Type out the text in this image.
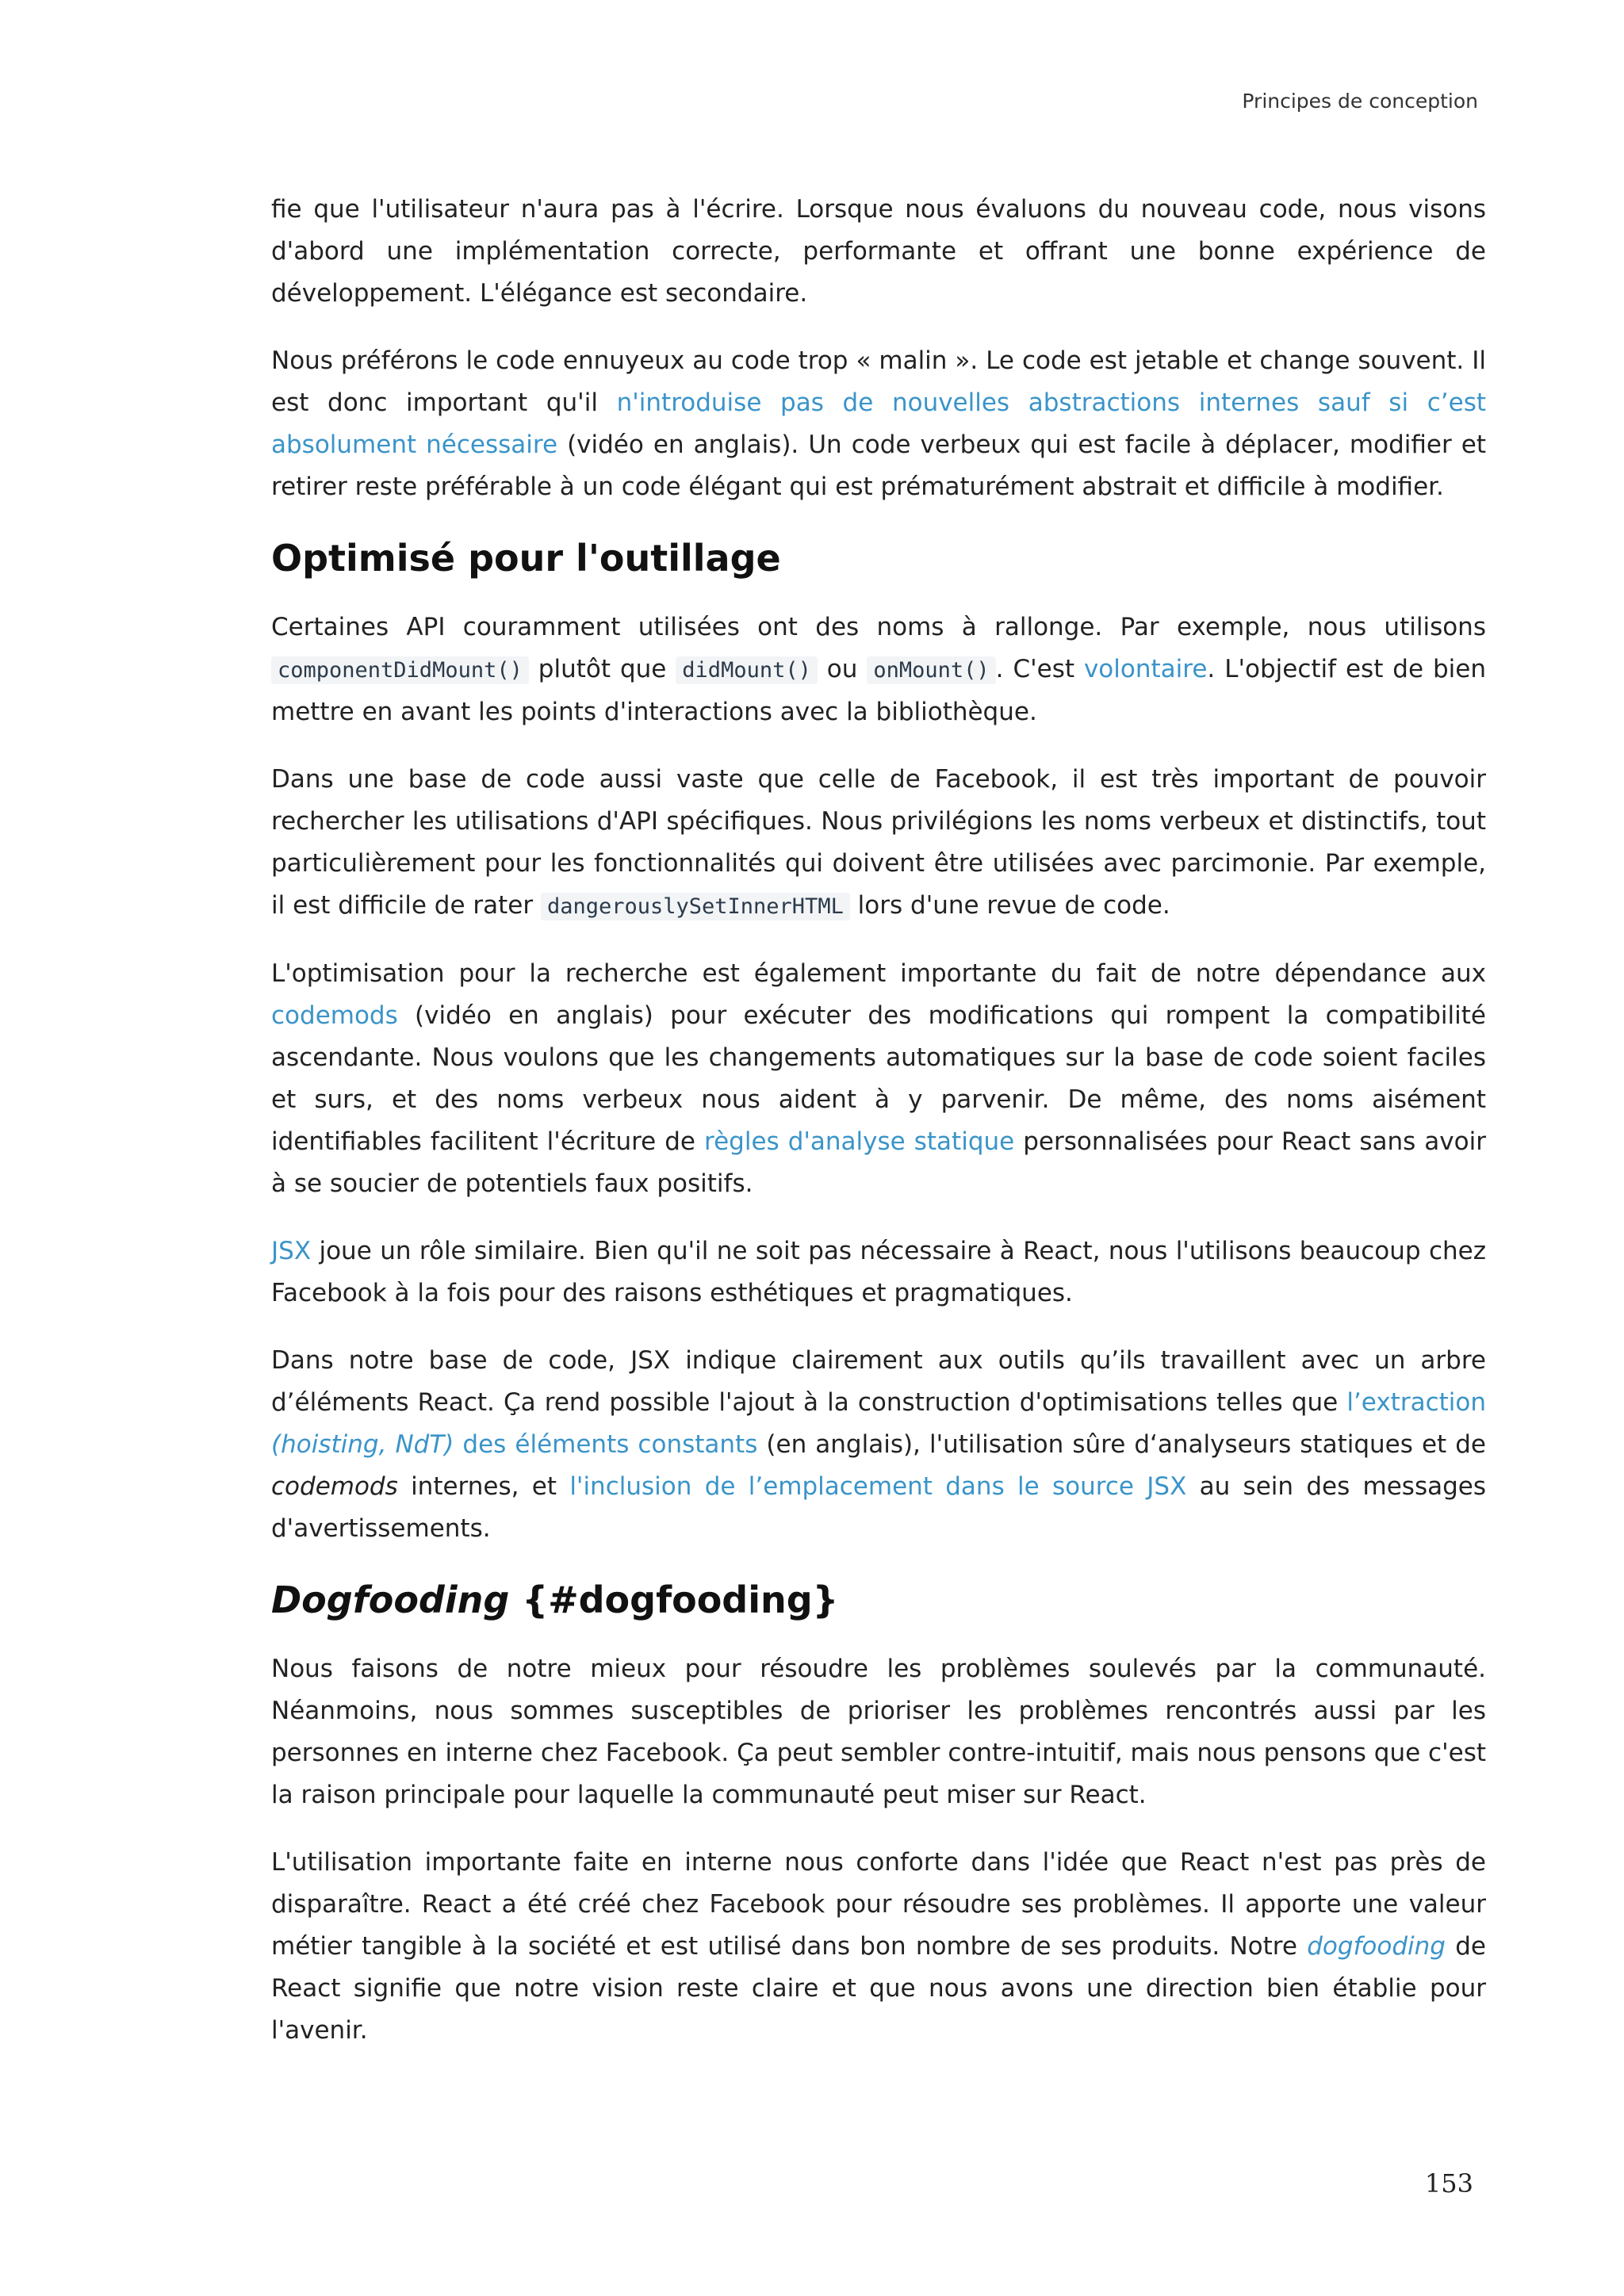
Principes de conception

fie que l'utilisateur n'aura pas à l'écrire. Lorsque nous évaluons du nouveau code, nous visons d'abord une implémentation correcte, performante et offrant une bonne expérience de développement. L'élégance est secondaire.

Nous préférons le code ennuyeux au code trop « malin ». Le code est jetable et change souvent. Il est donc important qu'il n'introduise pas de nouvelles abstractions internes sauf si c’est absolument nécessaire (vidéo en anglais). Un code verbeux qui est facile à déplacer, modifier et retirer reste préférable à un code élégant qui est prématurément abstrait et difficile à modifier.

Optimisé pour l'outillage

Certaines API couramment utilisées ont des noms à rallonge. Par exemple, nous utilisons componentDidMount() plutôt que didMount() ou onMount() . C'est volontaire. L'objectif est de bien mettre en avant les points d'interactions avec la bibliothèque.

Dans une base de code aussi vaste que celle de Facebook, il est très important de pouvoir rechercher les utilisations d'API spécifiques. Nous privilégions les noms verbeux et distinctifs, tout particulièrement pour les fonctionnalités qui doivent être utilisées avec parcimonie. Par exemple, il est difficile de rater dangerouslySetInnerHTML lors d'une revue de code.

L'optimisation pour la recherche est également importante du fait de notre dépendance aux codemods (vidéo en anglais) pour exécuter des modifications qui rompent la compatibilité ascendante. Nous voulons que les changements automatiques sur la base de code soient faciles et surs, et des noms verbeux nous aident à y parvenir. De même, des noms aisément identifiables facilitent l'écriture de règles d'analyse statique personnalisées pour React sans avoir à se soucier de potentiels faux positifs.

JSX joue un rôle similaire. Bien qu'il ne soit pas nécessaire à React, nous l'utilisons beaucoup chez Facebook à la fois pour des raisons esthétiques et pragmatiques.

Dans notre base de code, JSX indique clairement aux outils qu’ils travaillent avec un arbre d’éléments React. Ça rend possible l'ajout à la construction d'optimisations telles que l’extraction (hoisting, NdT) des éléments constants (en anglais), l'utilisation sûre d‘analyseurs statiques et de codemods internes, et l'inclusion de l’emplacement dans le source JSX au sein des messages d'avertissements.

Dogfooding {#dogfooding}

Nous faisons de notre mieux pour résoudre les problèmes soulevés par la communauté. Néanmoins, nous sommes susceptibles de prioriser les problèmes rencontrés aussi par les personnes en interne chez Facebook. Ça peut sembler contre-intuitif, mais nous pensons que c'est la raison principale pour laquelle la communauté peut miser sur React.

L'utilisation importante faite en interne nous conforte dans l'idée que React n'est pas près de disparaître. React a été créé chez Facebook pour résoudre ses problèmes. Il apporte une valeur métier tangible à la société et est utilisé dans bon nombre de ses produits. Notre dogfooding de React signifie que notre vision reste claire et que nous avons une direction bien établie pour l'avenir.

153
